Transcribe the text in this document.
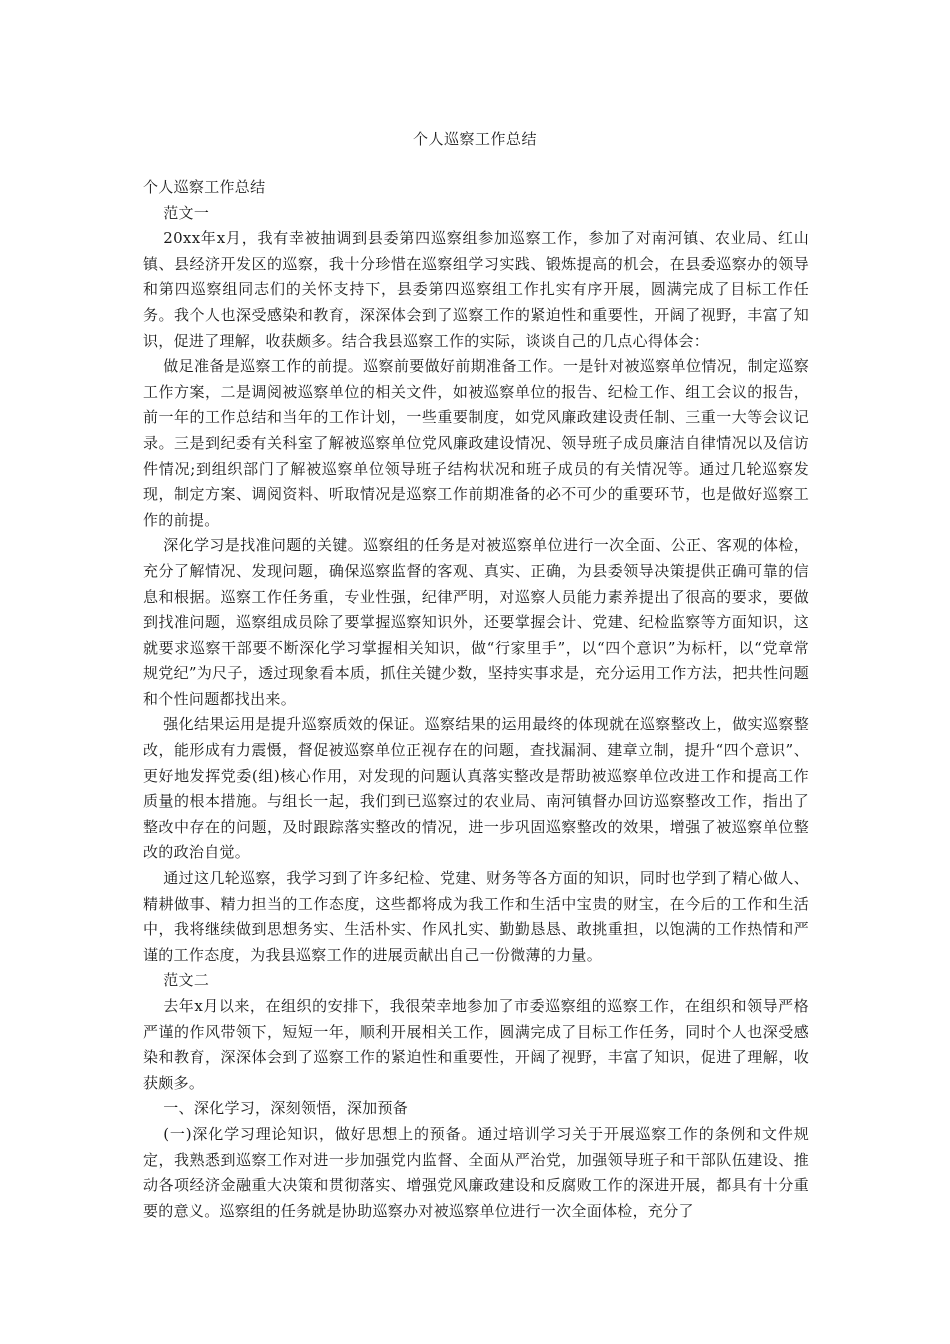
个人巡察工作总结

个人巡察工作总结

范文一

20xx年x月，我有幸被抽调到县委第四巡察组参加巡察工作，参加了对南河镇、农业局、红山镇、县经济开发区的巡察，我十分珍惜在巡察组学习实践、锻炼提高的机会，在县委巡察办的领导和第四巡察组同志们的关怀支持下，县委第四巡察组工作扎实有序开展，圆满完成了目标工作任务。我个人也深受感染和教育，深深体会到了巡察工作的紧迫性和重要性，开阔了视野，丰富了知识，促进了理解，收获颇多。结合我县巡察工作的实际，谈谈自己的几点心得体会：

做足准备是巡察工作的前提。巡察前要做好前期准备工作。一是针对被巡察单位情况，制定巡察工作方案，二是调阅被巡察单位的相关文件，如被巡察单位的报告、纪检工作、组工会议的报告，前一年的工作总结和当年的工作计划，一些重要制度，如党风廉政建设责任制、三重一大等会议记录。三是到纪委有关科室了解被巡察单位党风廉政建设情况、领导班子成员廉洁自律情况以及信访件情况;到组织部门了解被巡察单位领导班子结构状况和班子成员的有关情况等。通过几轮巡察发现，制定方案、调阅资料、听取情况是巡察工作前期准备的必不可少的重要环节，也是做好巡察工作的前提。

深化学习是找准问题的关键。巡察组的任务是对被巡察单位进行一次全面、公正、客观的体检，充分了解情况、发现问题，确保巡察监督的客观、真实、正确，为县委领导决策提供正确可靠的信息和根据。巡察工作任务重，专业性强，纪律严明，对巡察人员能力素养提出了很高的要求，要做到找准问题，巡察组成员除了要掌握巡察知识外，还要掌握会计、党建、纪检监察等方面知识，这就要求巡察干部要不断深化学习掌握相关知识，做“行家里手”，以“四个意识”为标杆，以“党章常规党纪”为尺子，透过现象看本质，抓住关键少数，坚持实事求是，充分运用工作方法，把共性问题和个性问题都找出来。

强化结果运用是提升巡察质效的保证。巡察结果的运用最终的体现就在巡察整改上，做实巡察整改，能形成有力震慑，督促被巡察单位正视存在的问题，查找漏洞、建章立制，提升“四个意识”、更好地发挥党委(组)核心作用，对发现的问题认真落实整改是帮助被巡察单位改进工作和提高工作质量的根本措施。与组长一起，我们到已巡察过的农业局、南河镇督办回访巡察整改工作，指出了整改中存在的问题，及时跟踪落实整改的情况，进一步巩固巡察整改的效果，增强了被巡察单位整改的政治自觉。

通过这几轮巡察，我学习到了许多纪检、党建、财务等各方面的知识，同时也学到了精心做人、精耕做事、精力担当的工作态度，这些都将成为我工作和生活中宝贵的财宝，在今后的工作和生活中，我将继续做到思想务实、生活朴实、作风扎实、勤勤恳恳、敢挑重担，以饱满的工作热情和严谨的工作态度，为我县巡察工作的进展贡献出自己一份微薄的力量。

范文二

去年x月以来，在组织的安排下，我很荣幸地参加了市委巡察组的巡察工作，在组织和领导严格严谨的作风带领下，短短一年，顺利开展相关工作，圆满完成了目标工作任务，同时个人也深受感染和教育，深深体会到了巡察工作的紧迫性和重要性，开阔了视野，丰富了知识，促进了理解，收获颇多。

一、深化学习，深刻领悟，深加预备

(一)深化学习理论知识，做好思想上的预备。通过培训学习关于开展巡察工作的条例和文件规定，我熟悉到巡察工作对进一步加强党内监督、全面从严治党，加强领导班子和干部队伍建设、推动各项经济金融重大决策和贯彻落实、增强党风廉政建设和反腐败工作的深进开展，都具有十分重要的意义。巡察组的任务就是协助巡察办对被巡察单位进行一次全面体检，充分了
